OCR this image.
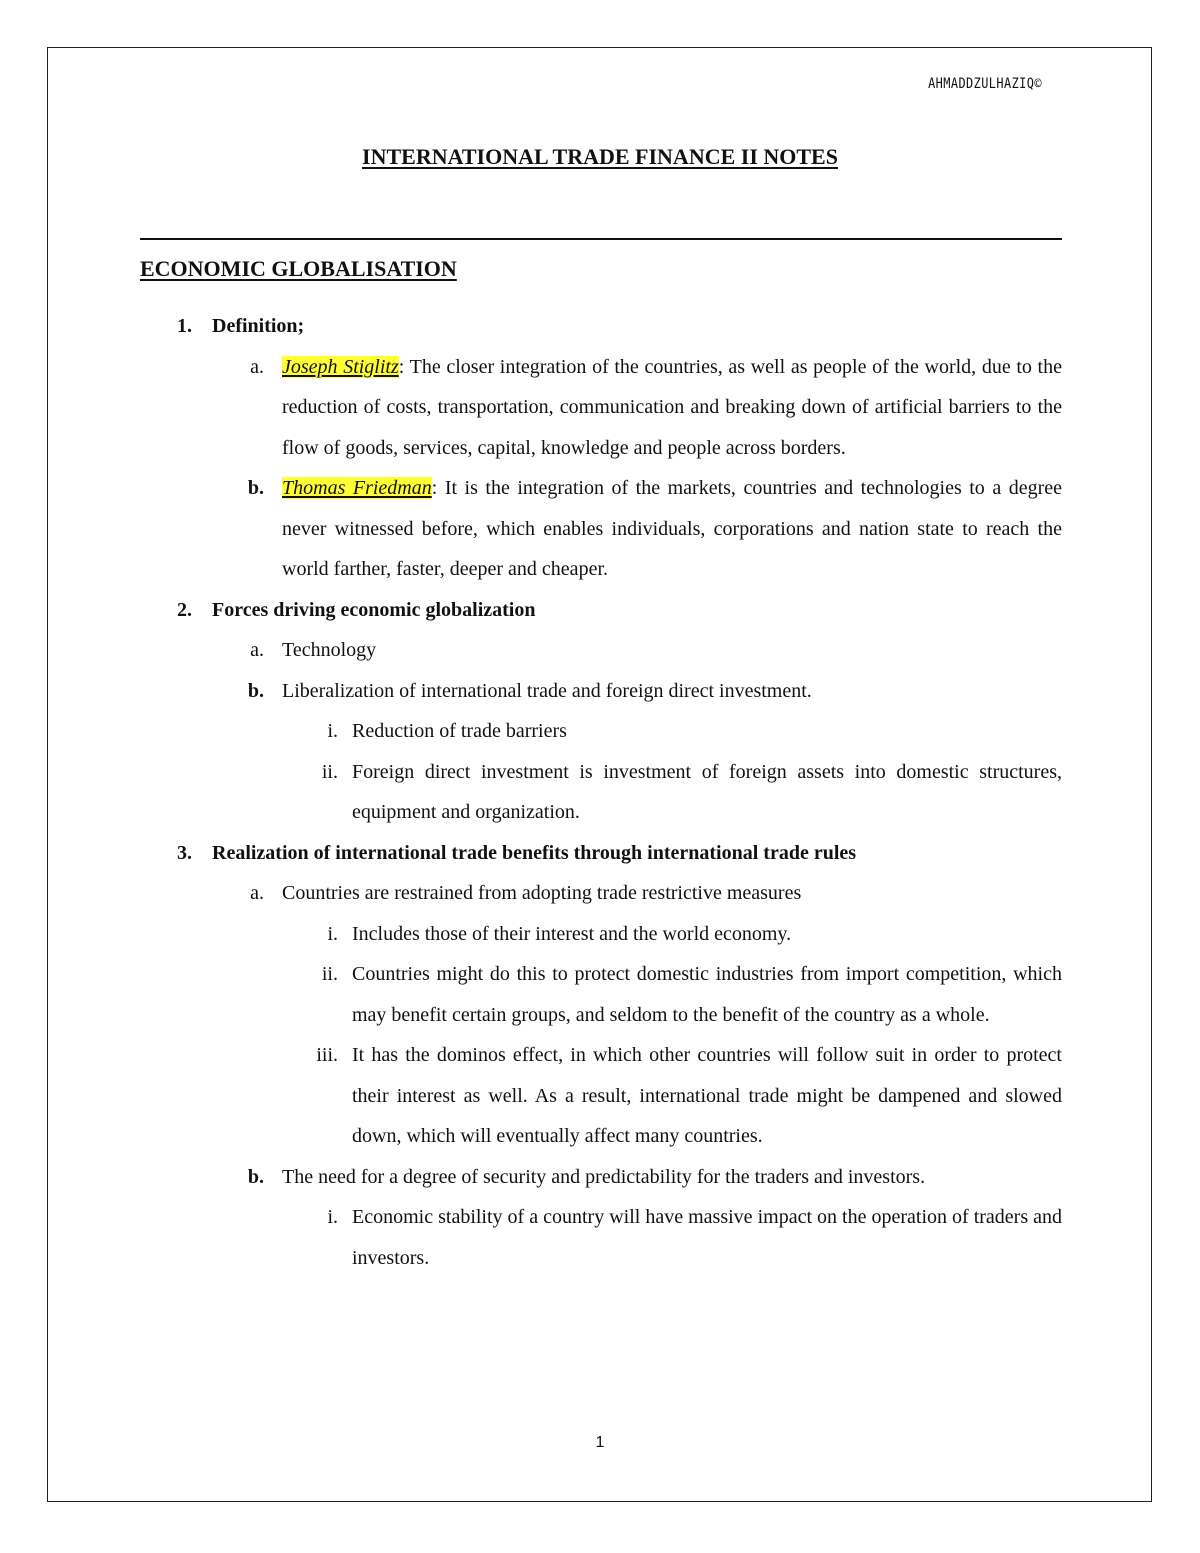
AHMADDZULHAZIQ©
INTERNATIONAL TRADE FINANCE II NOTES
ECONOMIC GLOBALISATION
1. Definition;
a. Joseph Stiglitz: The closer integration of the countries, as well as people of the world, due to the reduction of costs, transportation, communication and breaking down of artificial barriers to the flow of goods, services, capital, knowledge and people across borders.
b. Thomas Friedman: It is the integration of the markets, countries and technologies to a degree never witnessed before, which enables individuals, corporations and nation state to reach the world farther, faster, deeper and cheaper.
2. Forces driving economic globalization
a. Technology
b. Liberalization of international trade and foreign direct investment.
i. Reduction of trade barriers
ii. Foreign direct investment is investment of foreign assets into domestic structures, equipment and organization.
3. Realization of international trade benefits through international trade rules
a. Countries are restrained from adopting trade restrictive measures
i. Includes those of their interest and the world economy.
ii. Countries might do this to protect domestic industries from import competition, which may benefit certain groups, and seldom to the benefit of the country as a whole.
iii. It has the dominos effect, in which other countries will follow suit in order to protect their interest as well. As a result, international trade might be dampened and slowed down, which will eventually affect many countries.
b. The need for a degree of security and predictability for the traders and investors.
i. Economic stability of a country will have massive impact on the operation of traders and investors.
1
